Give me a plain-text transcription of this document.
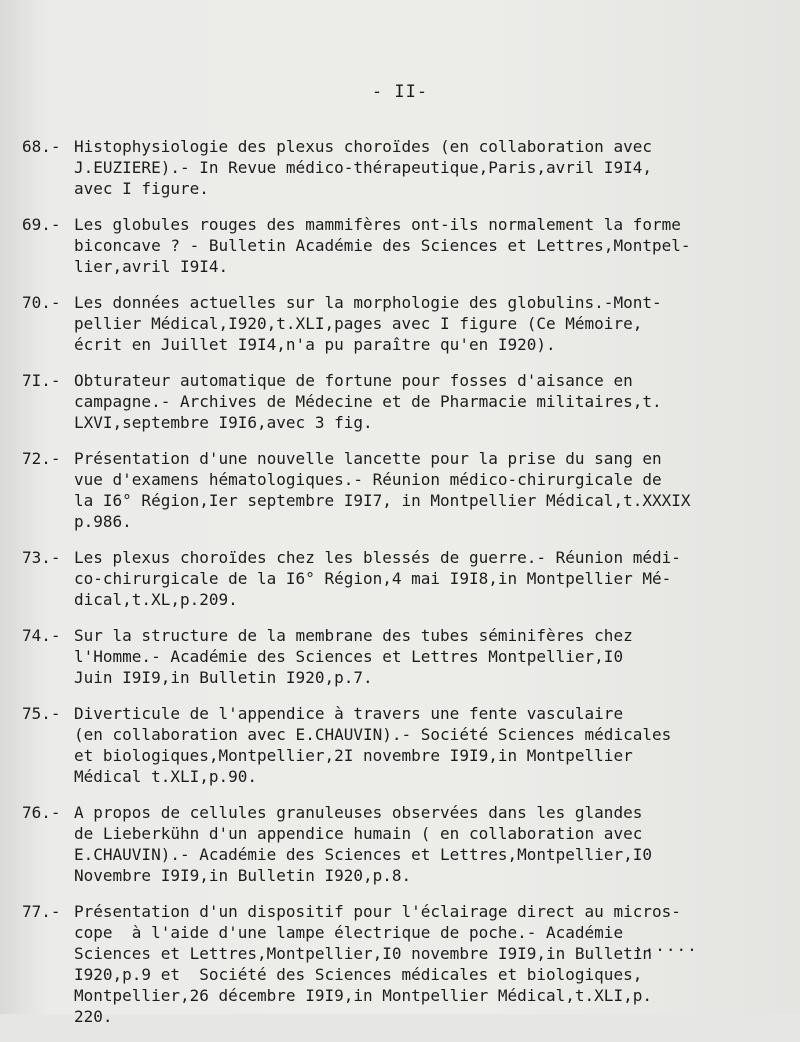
- II-
68.- Histophysiologie des plexus choroïdes (en collaboration avec
J.EUZIERE).- In Revue médico-thérapeutique,Paris,avril I9I4,
avec I figure.
69.- Les globules rouges des mammifères ont-ils normalement la forme
biconcave ? - Bulletin Académie des Sciences et Lettres,Montpel-
lier,avril I9I4.
70.- Les données actuelles sur la morphologie des globulins.-Mont-
pellier Médical,I920,t.XLI,pages avec I figure (Ce Mémoire,
écrit en Juillet I9I4,n'a pu paraître qu'en I920).
7I.- Obturateur automatique de fortune pour fosses d'aisance en
campagne.- Archives de Médecine et de Pharmacie militaires,t.
LXVI,septembre I9I6,avec 3 fig.
72.- Présentation d'une nouvelle lancette pour la prise du sang en
vue d'examens hématologiques.- Réunion médico-chirurgicale de
la I6° Région,Ier septembre I9I7, in Montpellier Médical,t.XXXIX
p.986.
73.- Les plexus choroïdes chez les blessés de guerre.- Réunion médi-
co-chirurgicale de la I6° Région,4 mai I9I8,in Montpellier Mé-
dical,t.XL,p.209.
74.- Sur la structure de la membrane des tubes séminifères chez
l'Homme.- Académie des Sciences et Lettres Montpellier,I0
Juin I9I9,in Bulletin I920,p.7.
75.- Diverticule de l'appendice à travers une fente vasculaire
(en collaboration avec E.CHAUVIN).- Société Sciences médicales
et biologiques,Montpellier,2I novembre I9I9,in Montpellier
Médical t.XLI,p.90.
76.- A propos de cellules granuleuses observées dans les glandes
de Lieberkühn d'un appendice humain ( en collaboration avec
E.CHAUVIN).- Académie des Sciences et Lettres,Montpellier,I0
Novembre I9I9,in Bulletin I920,p.8.
77.- Présentation d'un dispositif pour l'éclairage direct au micros-
cope  à l'aide d'une lampe électrique de poche.- Académie
Sciences et Lettres,Montpellier,I0 novembre I9I9,in Bulletin
I920,p.9 et  Société des Sciences médicales et biologiques,
Montpellier,26 décembre I9I9,in Montpellier Médical,t.XLI,p.
220.
......
